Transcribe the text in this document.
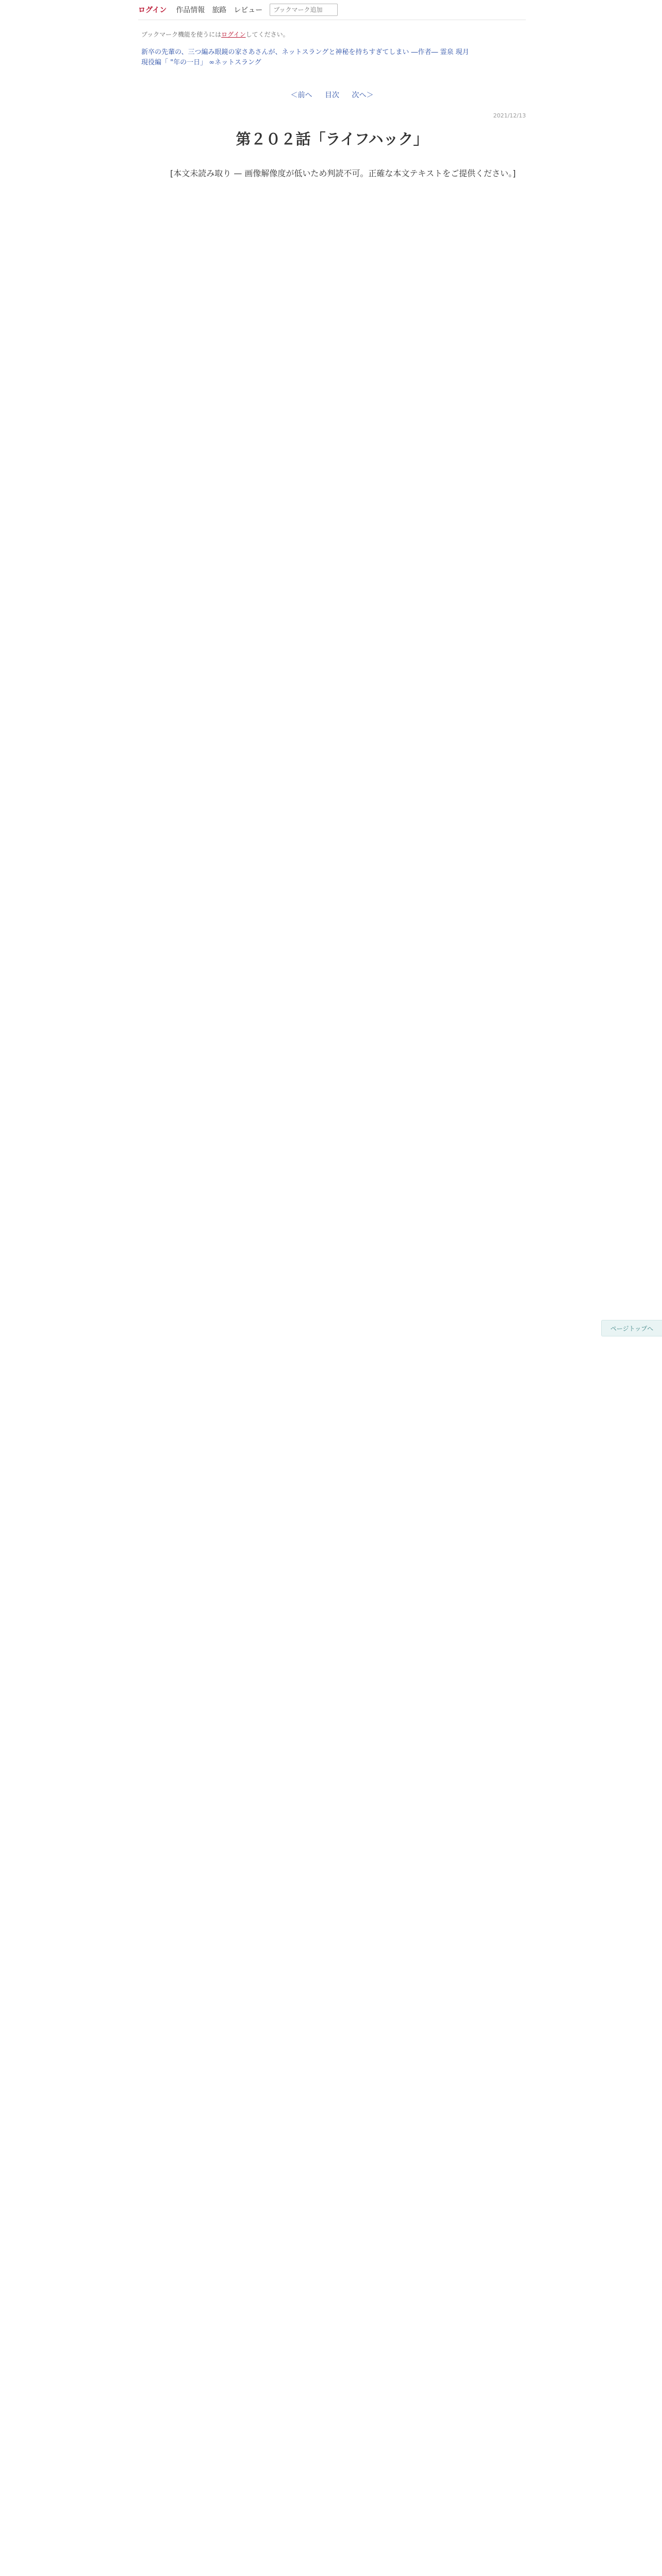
ログイン 作品情報 旅路 レビュー
ブックマーク追加
ブックマーク機能を使うにはログインしてください。
新卒の先輩の、三つ編み眼鏡の家さあさんが、ネットスラングと神秘を持ちすぎてしまい ―作者― 霊泉 現月
現役編「 "年の一日」 ∞ネットスラング
＜前へ 目次 次へ＞
2021/12/13
第２０２話「ライフハック」

[本文未読み取り — 画像解像度が低いため判読不可。正確な本文テキストをご提供ください。]

ページトップへ
